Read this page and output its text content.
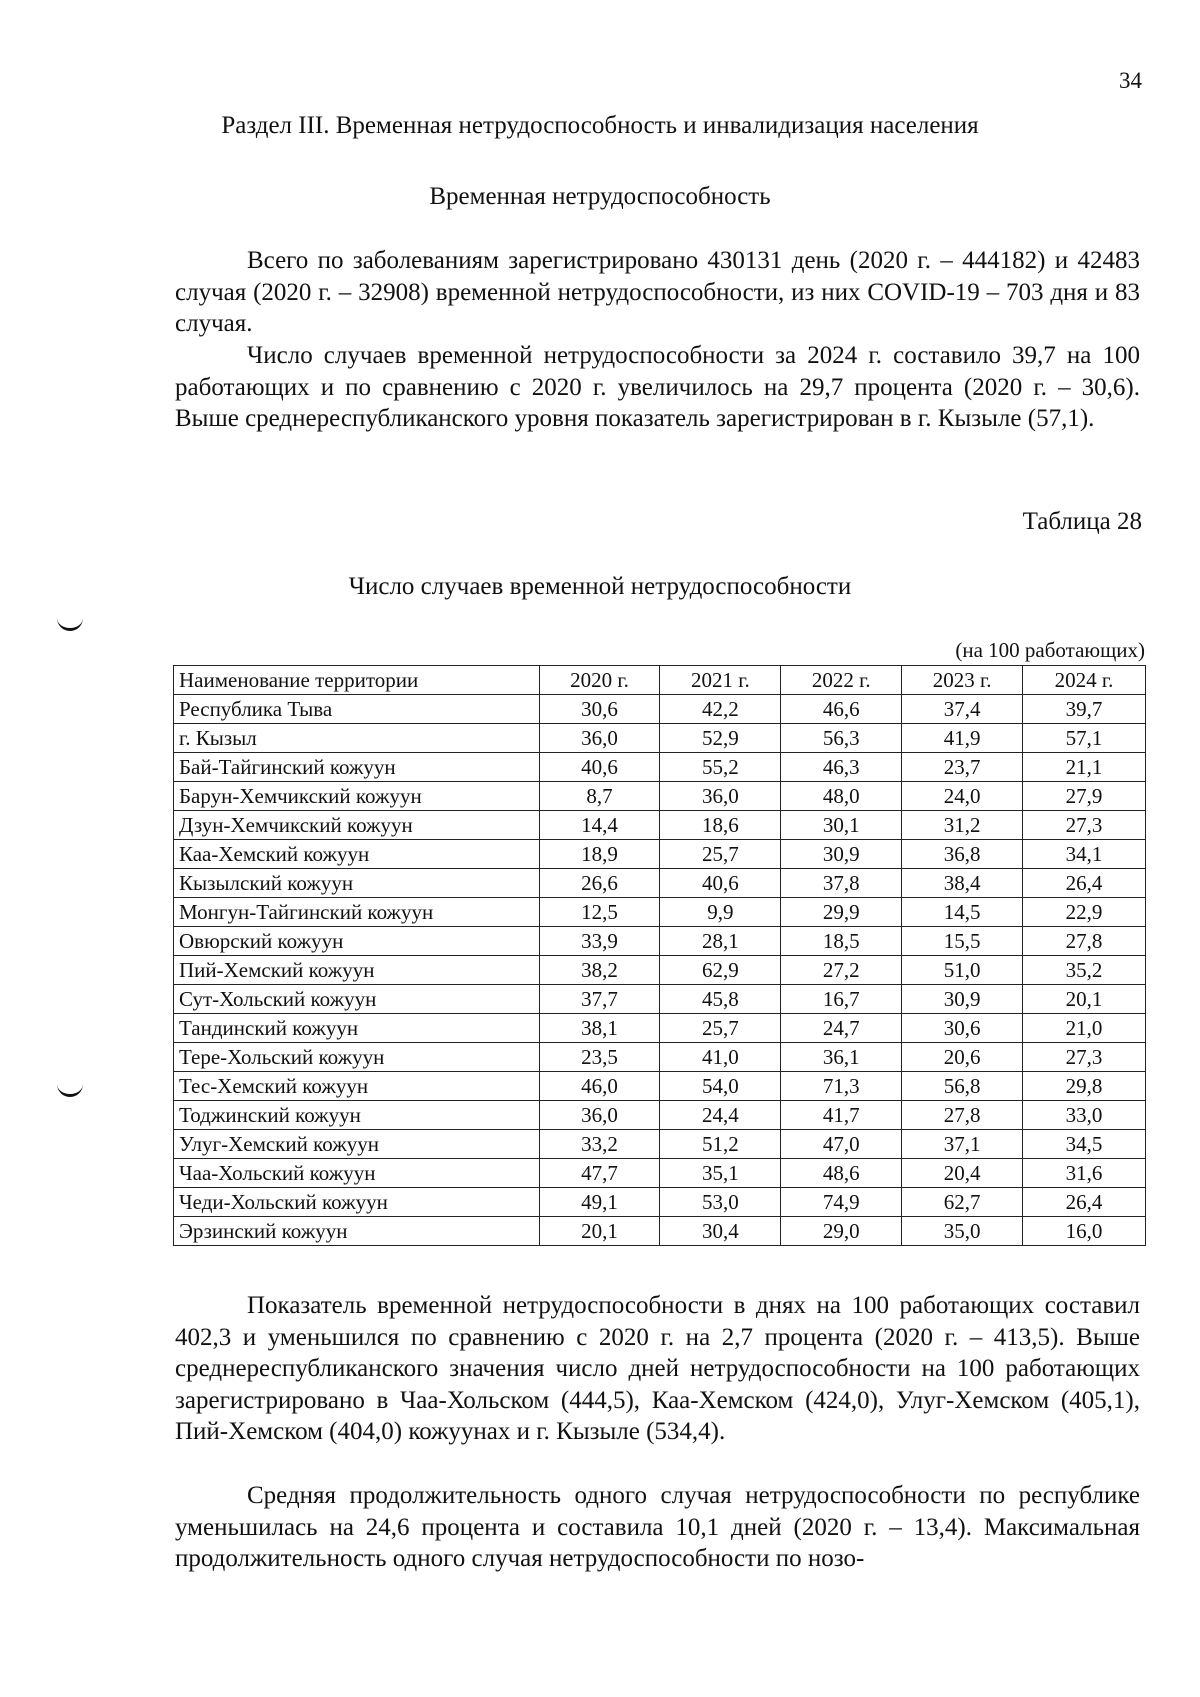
34
Раздел III. Временная нетрудоспособность и инвалидизация населения
Временная нетрудоспособность

Всего по заболеваниям зарегистрировано 430131 день (2020 г. – 444182) и 42483 случая (2020 г. – 32908) временной нетрудоспособности, из них COVID-19 – 703 дня и 83 случая.

Число случаев временной нетрудоспособности за 2024 г. составило 39,7 на 100 работающих и по сравнению с 2020 г. увеличилось на 29,7 процента (2020 г. – 30,6). Выше среднереспубликанского уровня показатель зарегистрирован в г. Кызыле (57,1).

Таблица 28
Число случаев временной нетрудоспособности
(на 100 работающих)
Наименование территории	2020 г.	2021 г.	2022 г.	2023 г.	2024 г.
Республика Тыва	30,6	42,2	46,6	37,4	39,7
г. Кызыл	36,0	52,9	56,3	41,9	57,1
Бай-Тайгинский кожуун	40,6	55,2	46,3	23,7	21,1
Барун-Хемчикский кожуун	8,7	36,0	48,0	24,0	27,9
Дзун-Хемчикский кожуун	14,4	18,6	30,1	31,2	27,3
Каа-Хемский кожуун	18,9	25,7	30,9	36,8	34,1
Кызылский кожуун	26,6	40,6	37,8	38,4	26,4
Монгун-Тайгинский кожуун	12,5	9,9	29,9	14,5	22,9
Овюрский кожуун	33,9	28,1	18,5	15,5	27,8
Пий-Хемский кожуун	38,2	62,9	27,2	51,0	35,2
Сут-Хольский кожуун	37,7	45,8	16,7	30,9	20,1
Тандинский кожуун	38,1	25,7	24,7	30,6	21,0
Тере-Хольский кожуун	23,5	41,0	36,1	20,6	27,3
Тес-Хемский кожуун	46,0	54,0	71,3	56,8	29,8
Тоджинский кожуун	36,0	24,4	41,7	27,8	33,0
Улуг-Хемский кожуун	33,2	51,2	47,0	37,1	34,5
Чаа-Хольский кожуун	47,7	35,1	48,6	20,4	31,6
Чеди-Хольский кожуун	49,1	53,0	74,9	62,7	26,4
Эрзинский кожуун	20,1	30,4	29,0	35,0	16,0

Показатель временной нетрудоспособности в днях на 100 работающих составил 402,3 и уменьшился по сравнению с 2020 г. на 2,7 процента (2020 г. – 413,5). Выше среднереспубликанского значения число дней нетрудоспособности на 100 работающих зарегистрировано в Чаа-Хольском (444,5), Каа-Хемском (424,0), Улуг-Хемском (405,1), Пий-Хемском (404,0) кожуунах и г. Кызыле (534,4).

Средняя продолжительность одного случая нетрудоспособности по республике уменьшилась на 24,6 процента и составила 10,1 дней (2020 г. – 13,4). Максимальная продолжительность одного случая нетрудоспособности по нозо-
